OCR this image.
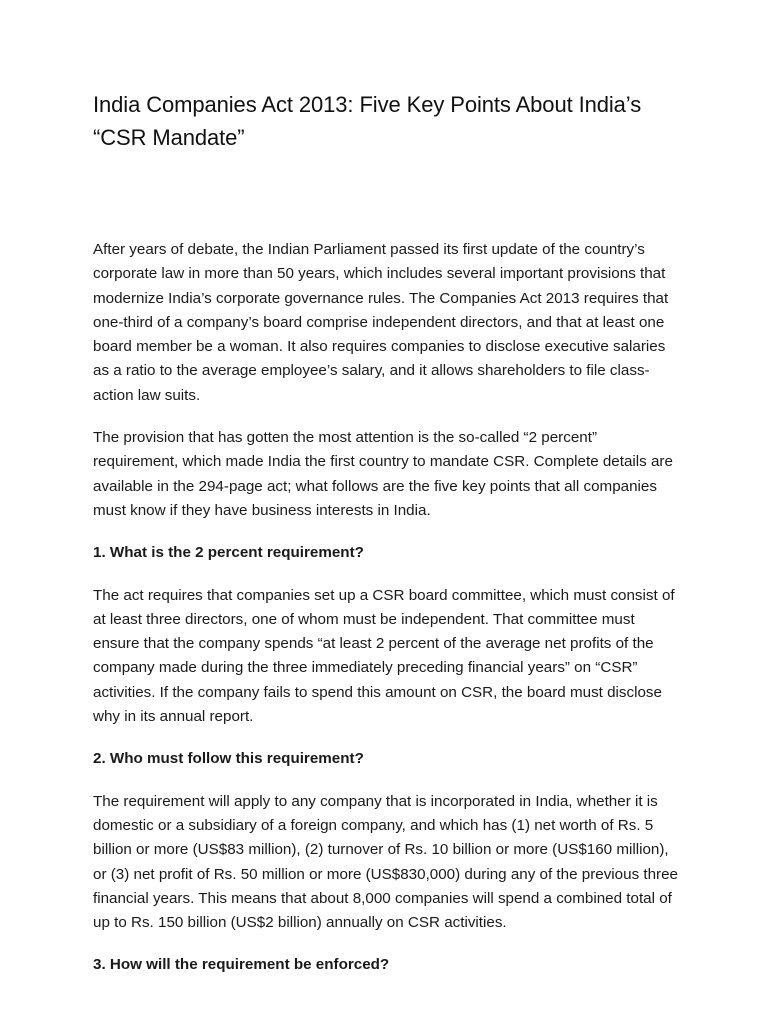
India Companies Act 2013: Five Key Points About India’s “CSR Mandate”

After years of debate, the Indian Parliament passed its first update of the country’s corporate law in more than 50 years, which includes several important provisions that modernize India’s corporate governance rules. The Companies Act 2013 requires that one-third of a company’s board comprise independent directors, and that at least one board member be a woman. It also requires companies to disclose executive salaries as a ratio to the average employee’s salary, and it allows shareholders to file class-action law suits.

The provision that has gotten the most attention is the so-called “2 percent” requirement, which made India the first country to mandate CSR. Complete details are available in the 294-page act; what follows are the five key points that all companies must know if they have business interests in India.

1. What is the 2 percent requirement?

The act requires that companies set up a CSR board committee, which must consist of at least three directors, one of whom must be independent. That committee must ensure that the company spends “at least 2 percent of the average net profits of the company made during the three immediately preceding financial years” on “CSR” activities. If the company fails to spend this amount on CSR, the board must disclose why in its annual report.

2. Who must follow this requirement?

The requirement will apply to any company that is incorporated in India, whether it is domestic or a subsidiary of a foreign company, and which has (1) net worth of Rs. 5 billion or more (US$83 million), (2) turnover of Rs. 10 billion or more (US$160 million), or (3) net profit of Rs. 50 million or more (US$830,000) during any of the previous three financial years. This means that about 8,000 companies will spend a combined total of up to Rs. 150 billion (US$2 billion) annually on CSR activities.

3. How will the requirement be enforced?
